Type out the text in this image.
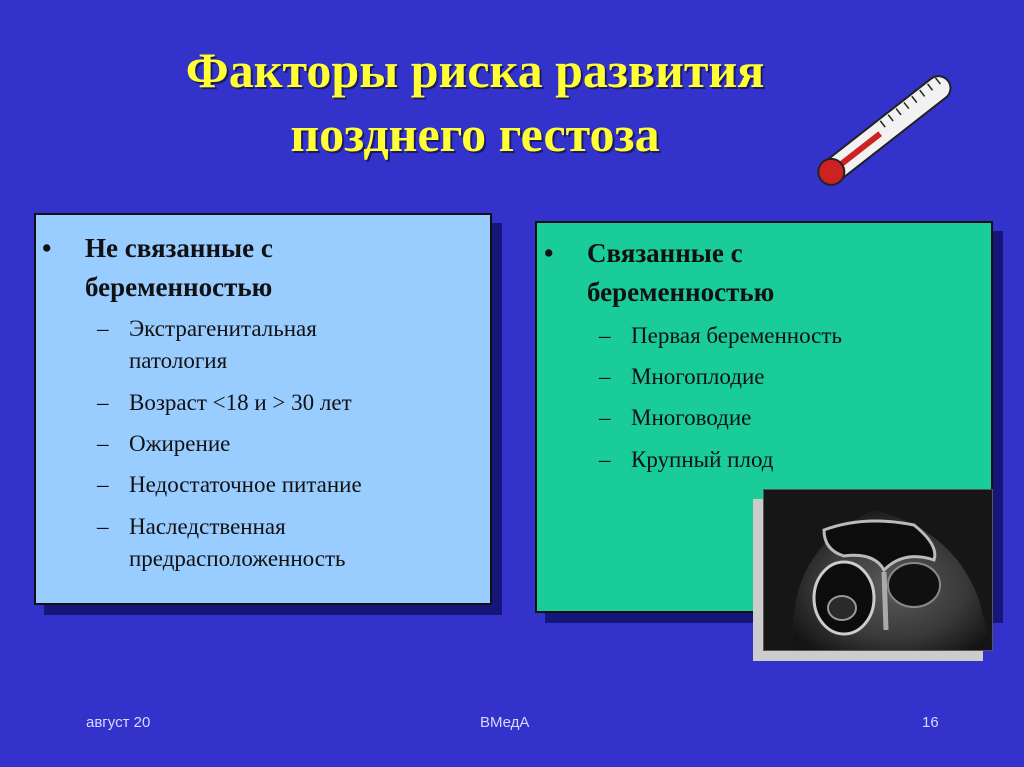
Факторы риска развития
позднего гестоза
• Не связанные с
беременностью
– Экстрагенитальная
патология
– Возраст <18 и > 30 лет
– Ожирение
– Недостаточное питание
– Наследственная
предрасположенность
• Связанные с
беременностью
– Первая беременность
– Многоплодие
– Многоводие
– Крупный плод
август 20	ВМедА	16
